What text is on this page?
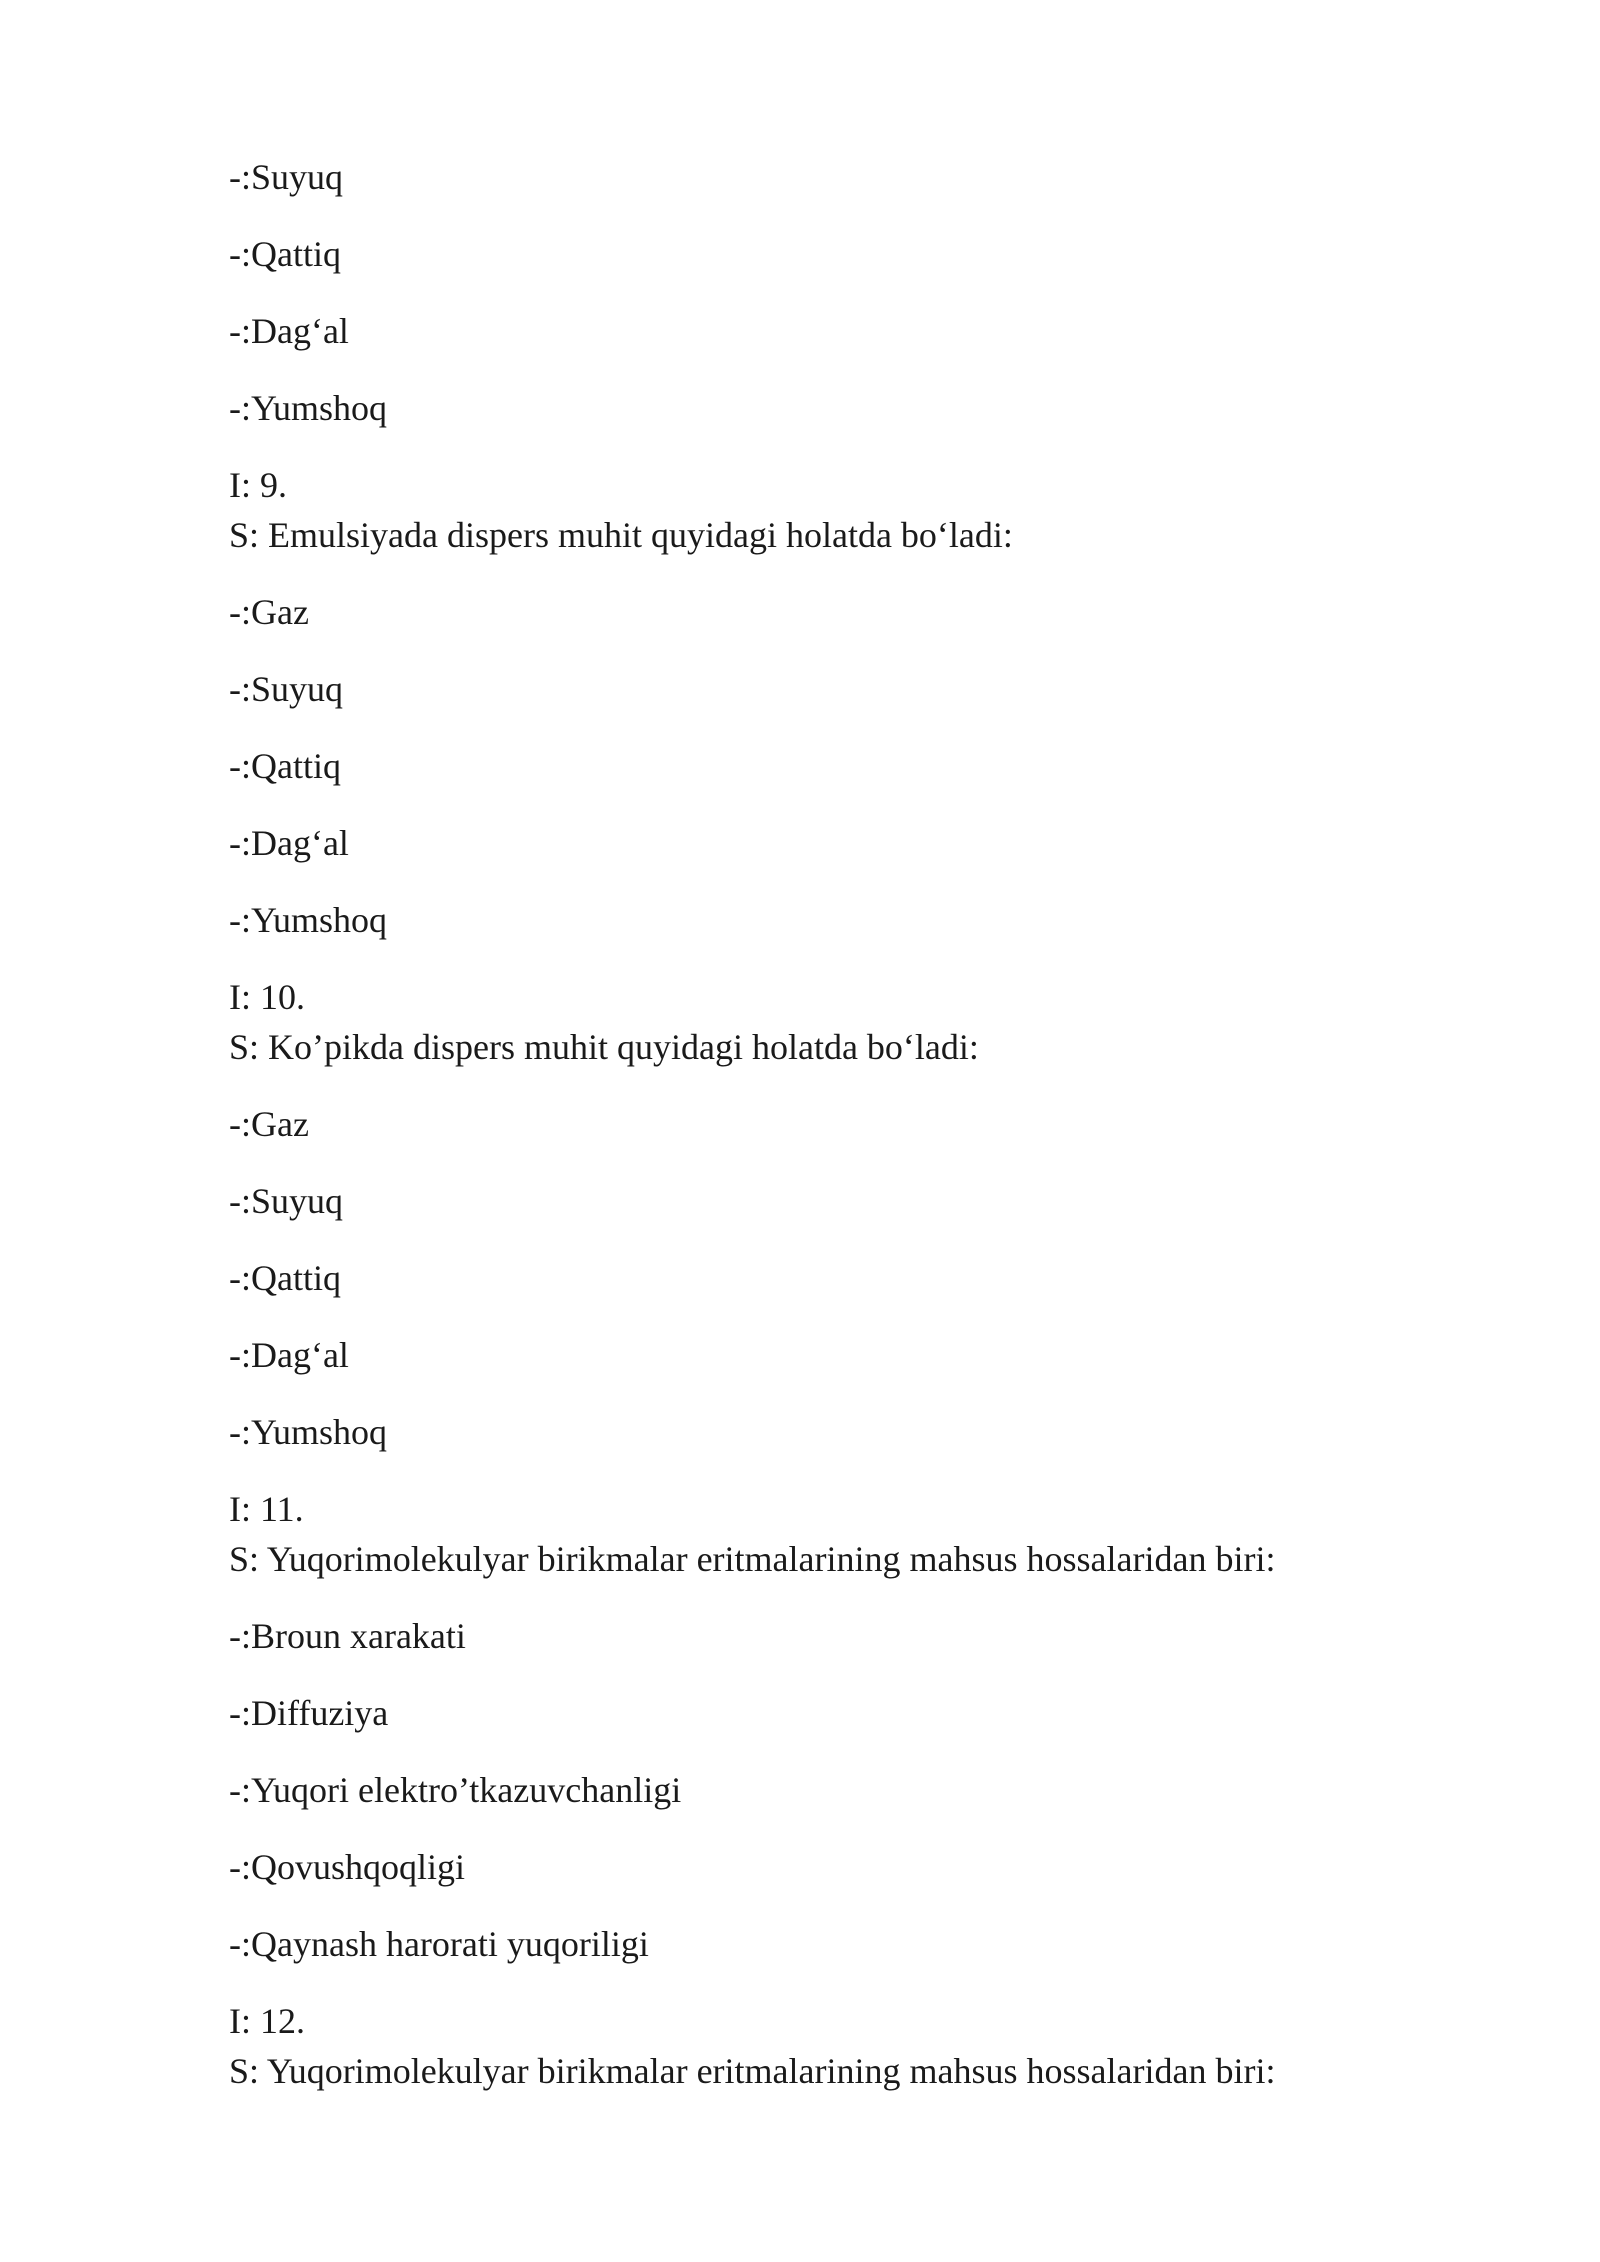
-:Suyuq
-:Qattiq
-:Dag‘al
-:Yumshoq
I: 9.
S: Emulsiyada dispers muhit quyidagi holatda bo‘ladi:
-:Gaz
-:Suyuq
-:Qattiq
-:Dag‘al
-:Yumshoq
I: 10.
S: Ko’pikda dispers muhit quyidagi holatda bo‘ladi:
-:Gaz
-:Suyuq
-:Qattiq
-:Dag‘al
-:Yumshoq
I: 11.
S: Yuqorimolekulyar birikmalar eritmalarining mahsus hossalaridan biri:
-:Broun xarakati
-:Diffuziya
-:Yuqori elektro’tkazuvchanligi
-:Qovushqoqligi
-:Qaynash harorati yuqoriligi
I: 12.
S: Yuqorimolekulyar birikmalar eritmalarining mahsus hossalaridan biri:
